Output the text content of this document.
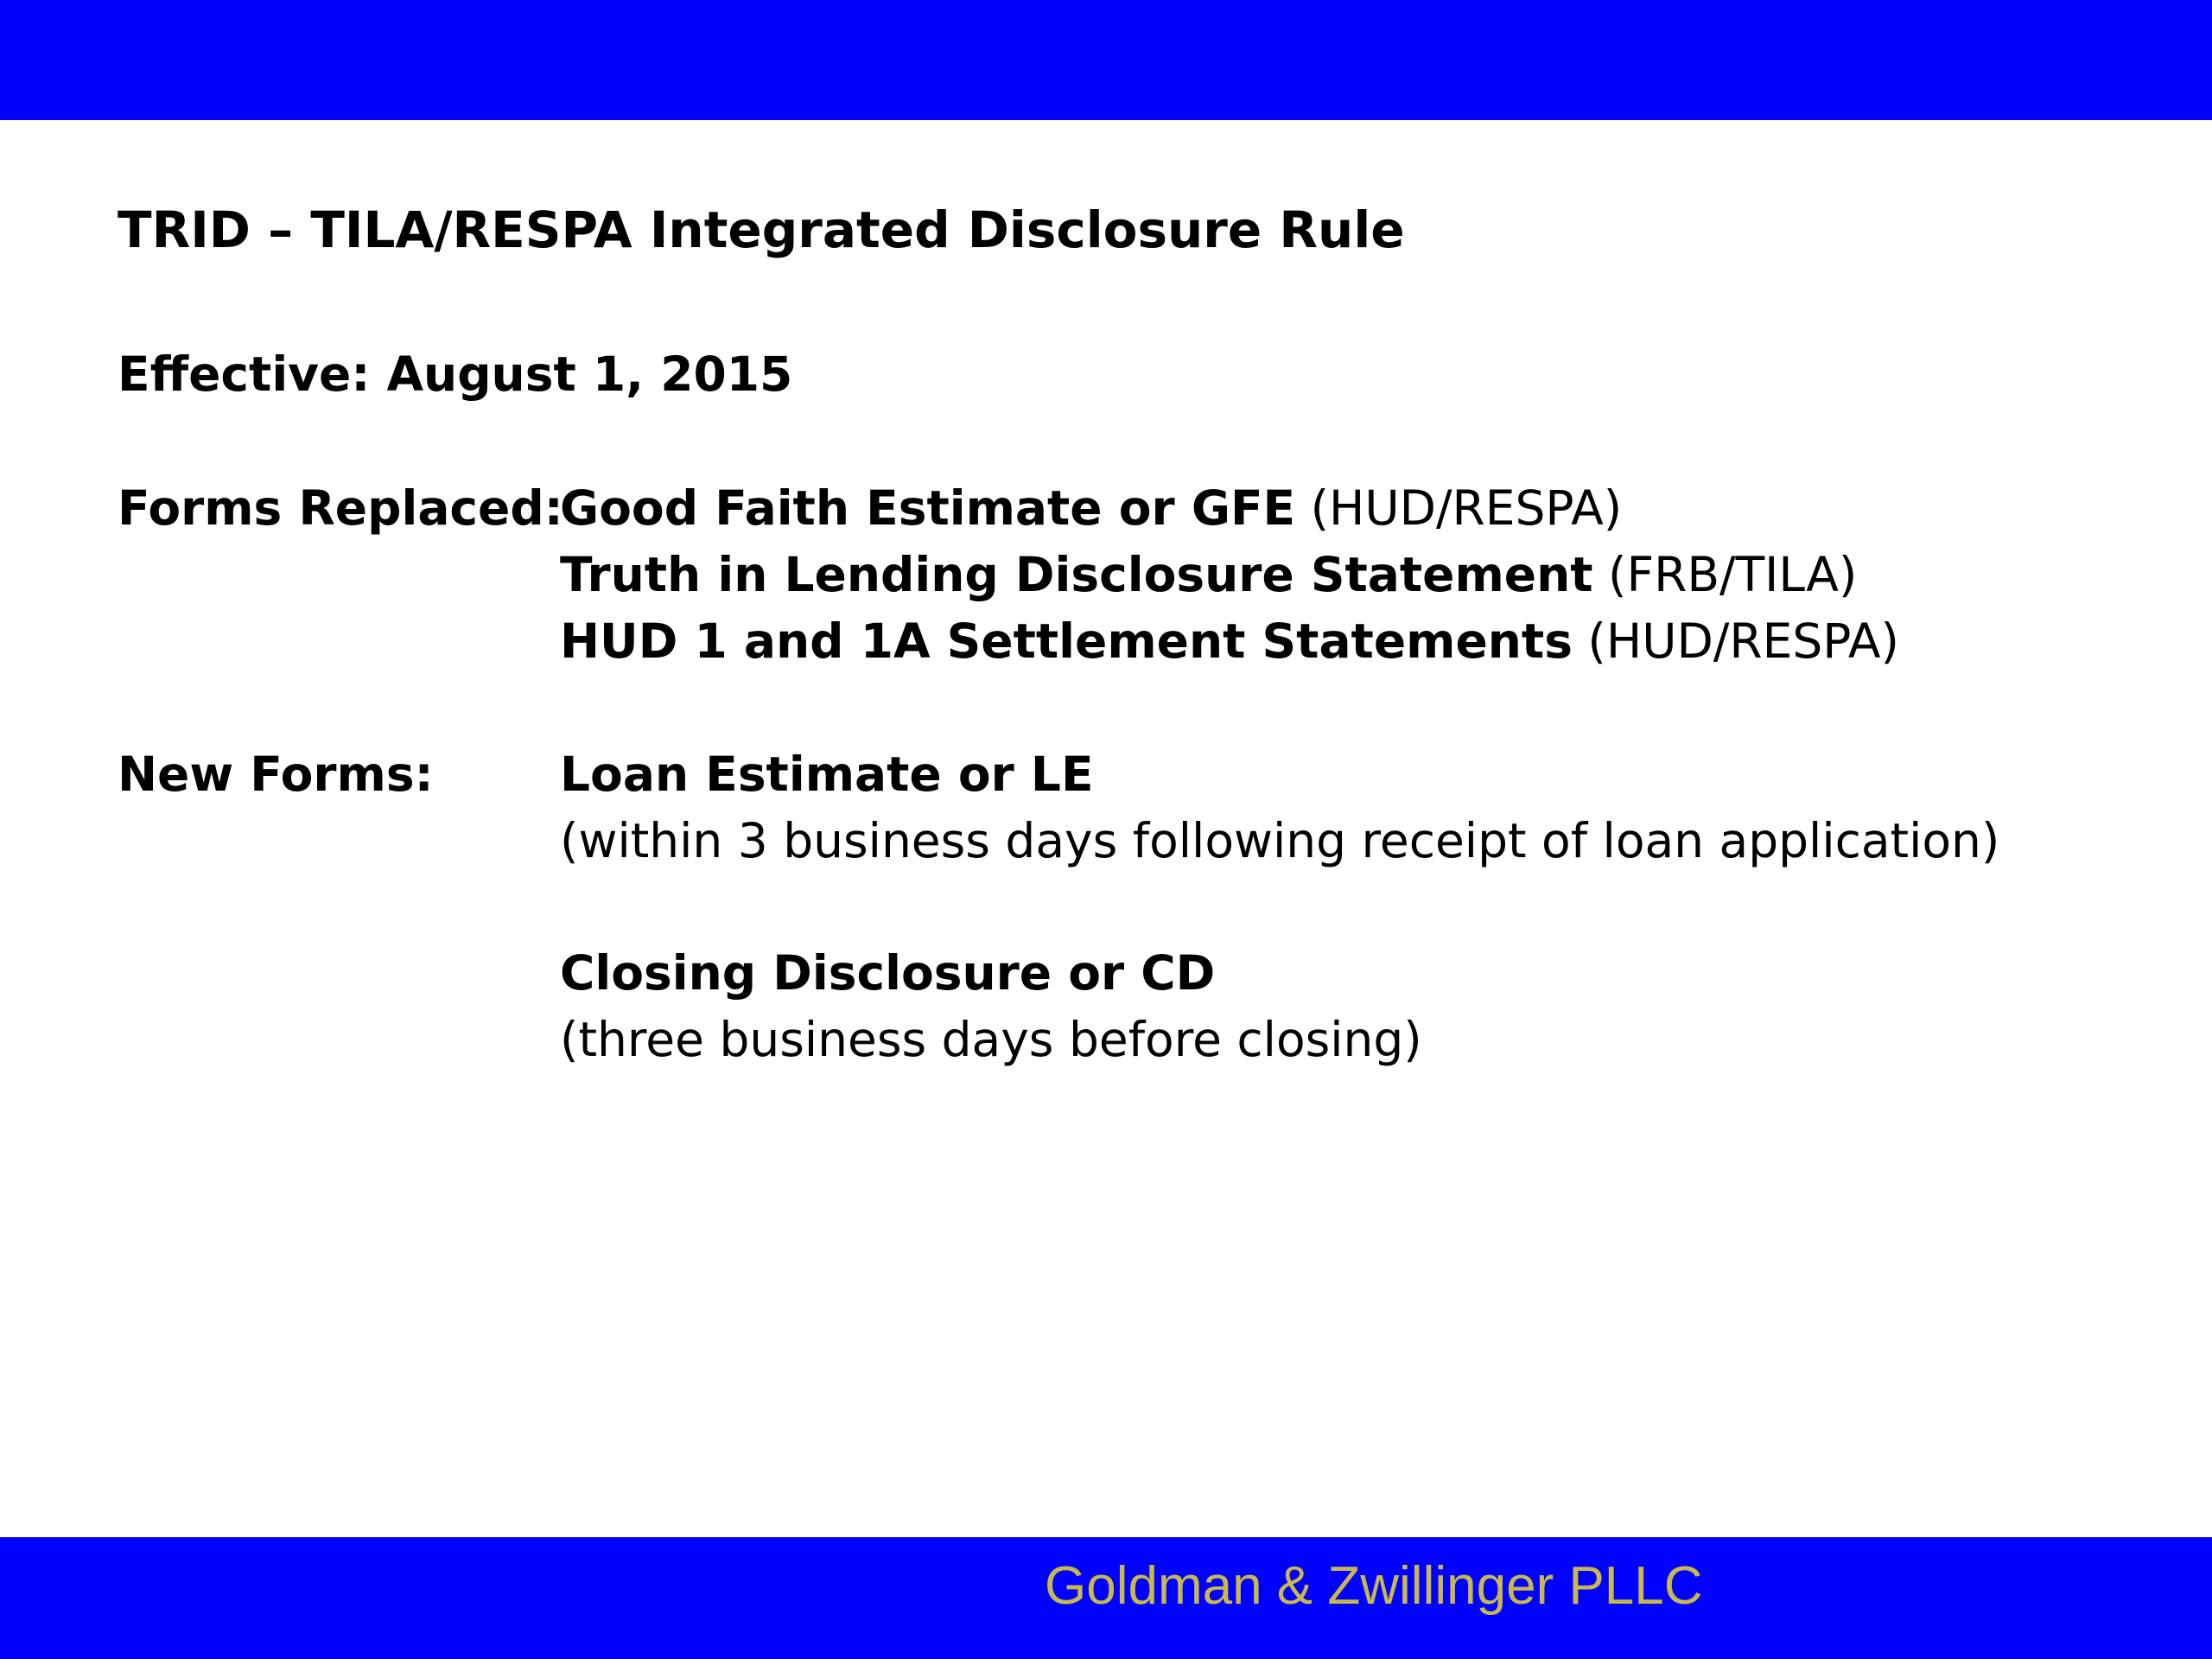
TRID – TILA/RESPA Integrated Disclosure Rule
Effective: August 1, 2015
Forms Replaced:
Good Faith Estimate or GFE (HUD/RESPA)
Truth in Lending Disclosure Statement (FRB/TILA)
HUD 1 and 1A Settlement Statements (HUD/RESPA)
New Forms:	Loan Estimate or LE
(within 3 business days following receipt of loan application)
Closing Disclosure or CD
(three business days before closing)
Goldman & Zwillinger PLLC
